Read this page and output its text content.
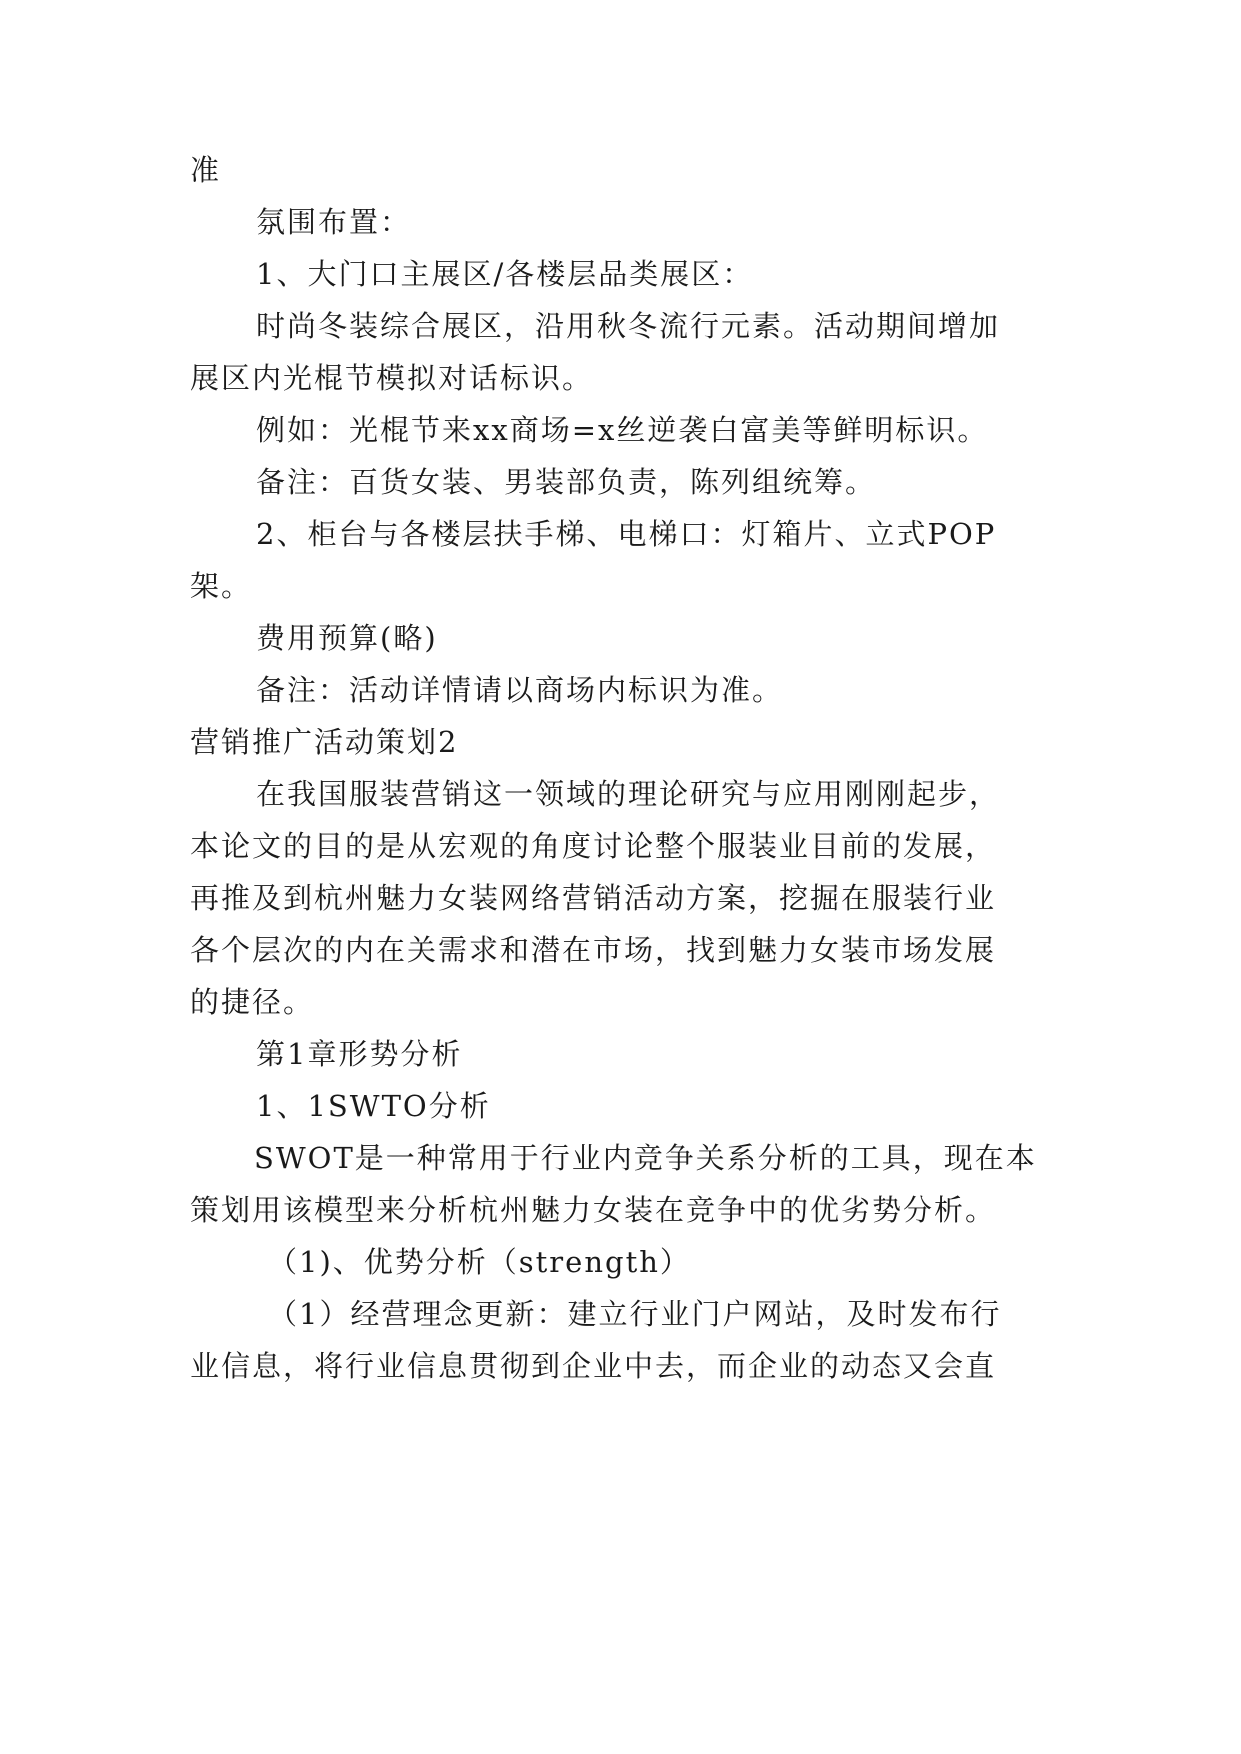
准
氛围布置：
1、大门口主展区/各楼层品类展区：
时尚冬装综合展区，沿用秋冬流行元素。活动期间增加
展区内光棍节模拟对话标识。
例如：光棍节来xx商场=x丝逆袭白富美等鲜明标识。
备注：百货女装、男装部负责，陈列组统筹。
2、柜台与各楼层扶手梯、电梯口：灯箱片、立式POP
架。
费用预算(略)
备注：活动详情请以商场内标识为准。
营销推广活动策划2
在我国服装营销这一领域的理论研究与应用刚刚起步，
本论文的目的是从宏观的角度讨论整个服装业目前的发展，
再推及到杭州魅力女装网络营销活动方案，挖掘在服装行业
各个层次的内在关需求和潜在市场，找到魅力女装市场发展
的捷径。
第1章形势分析
1、1SWTO分析
SWOT是一种常用于行业内竞争关系分析的工具，现在本
策划用该模型来分析杭州魅力女装在竞争中的优劣势分析。
（1)、优势分析（strength）
（1）经营理念更新：建立行业门户网站，及时发布行
业信息，将行业信息贯彻到企业中去，而企业的动态又会直
